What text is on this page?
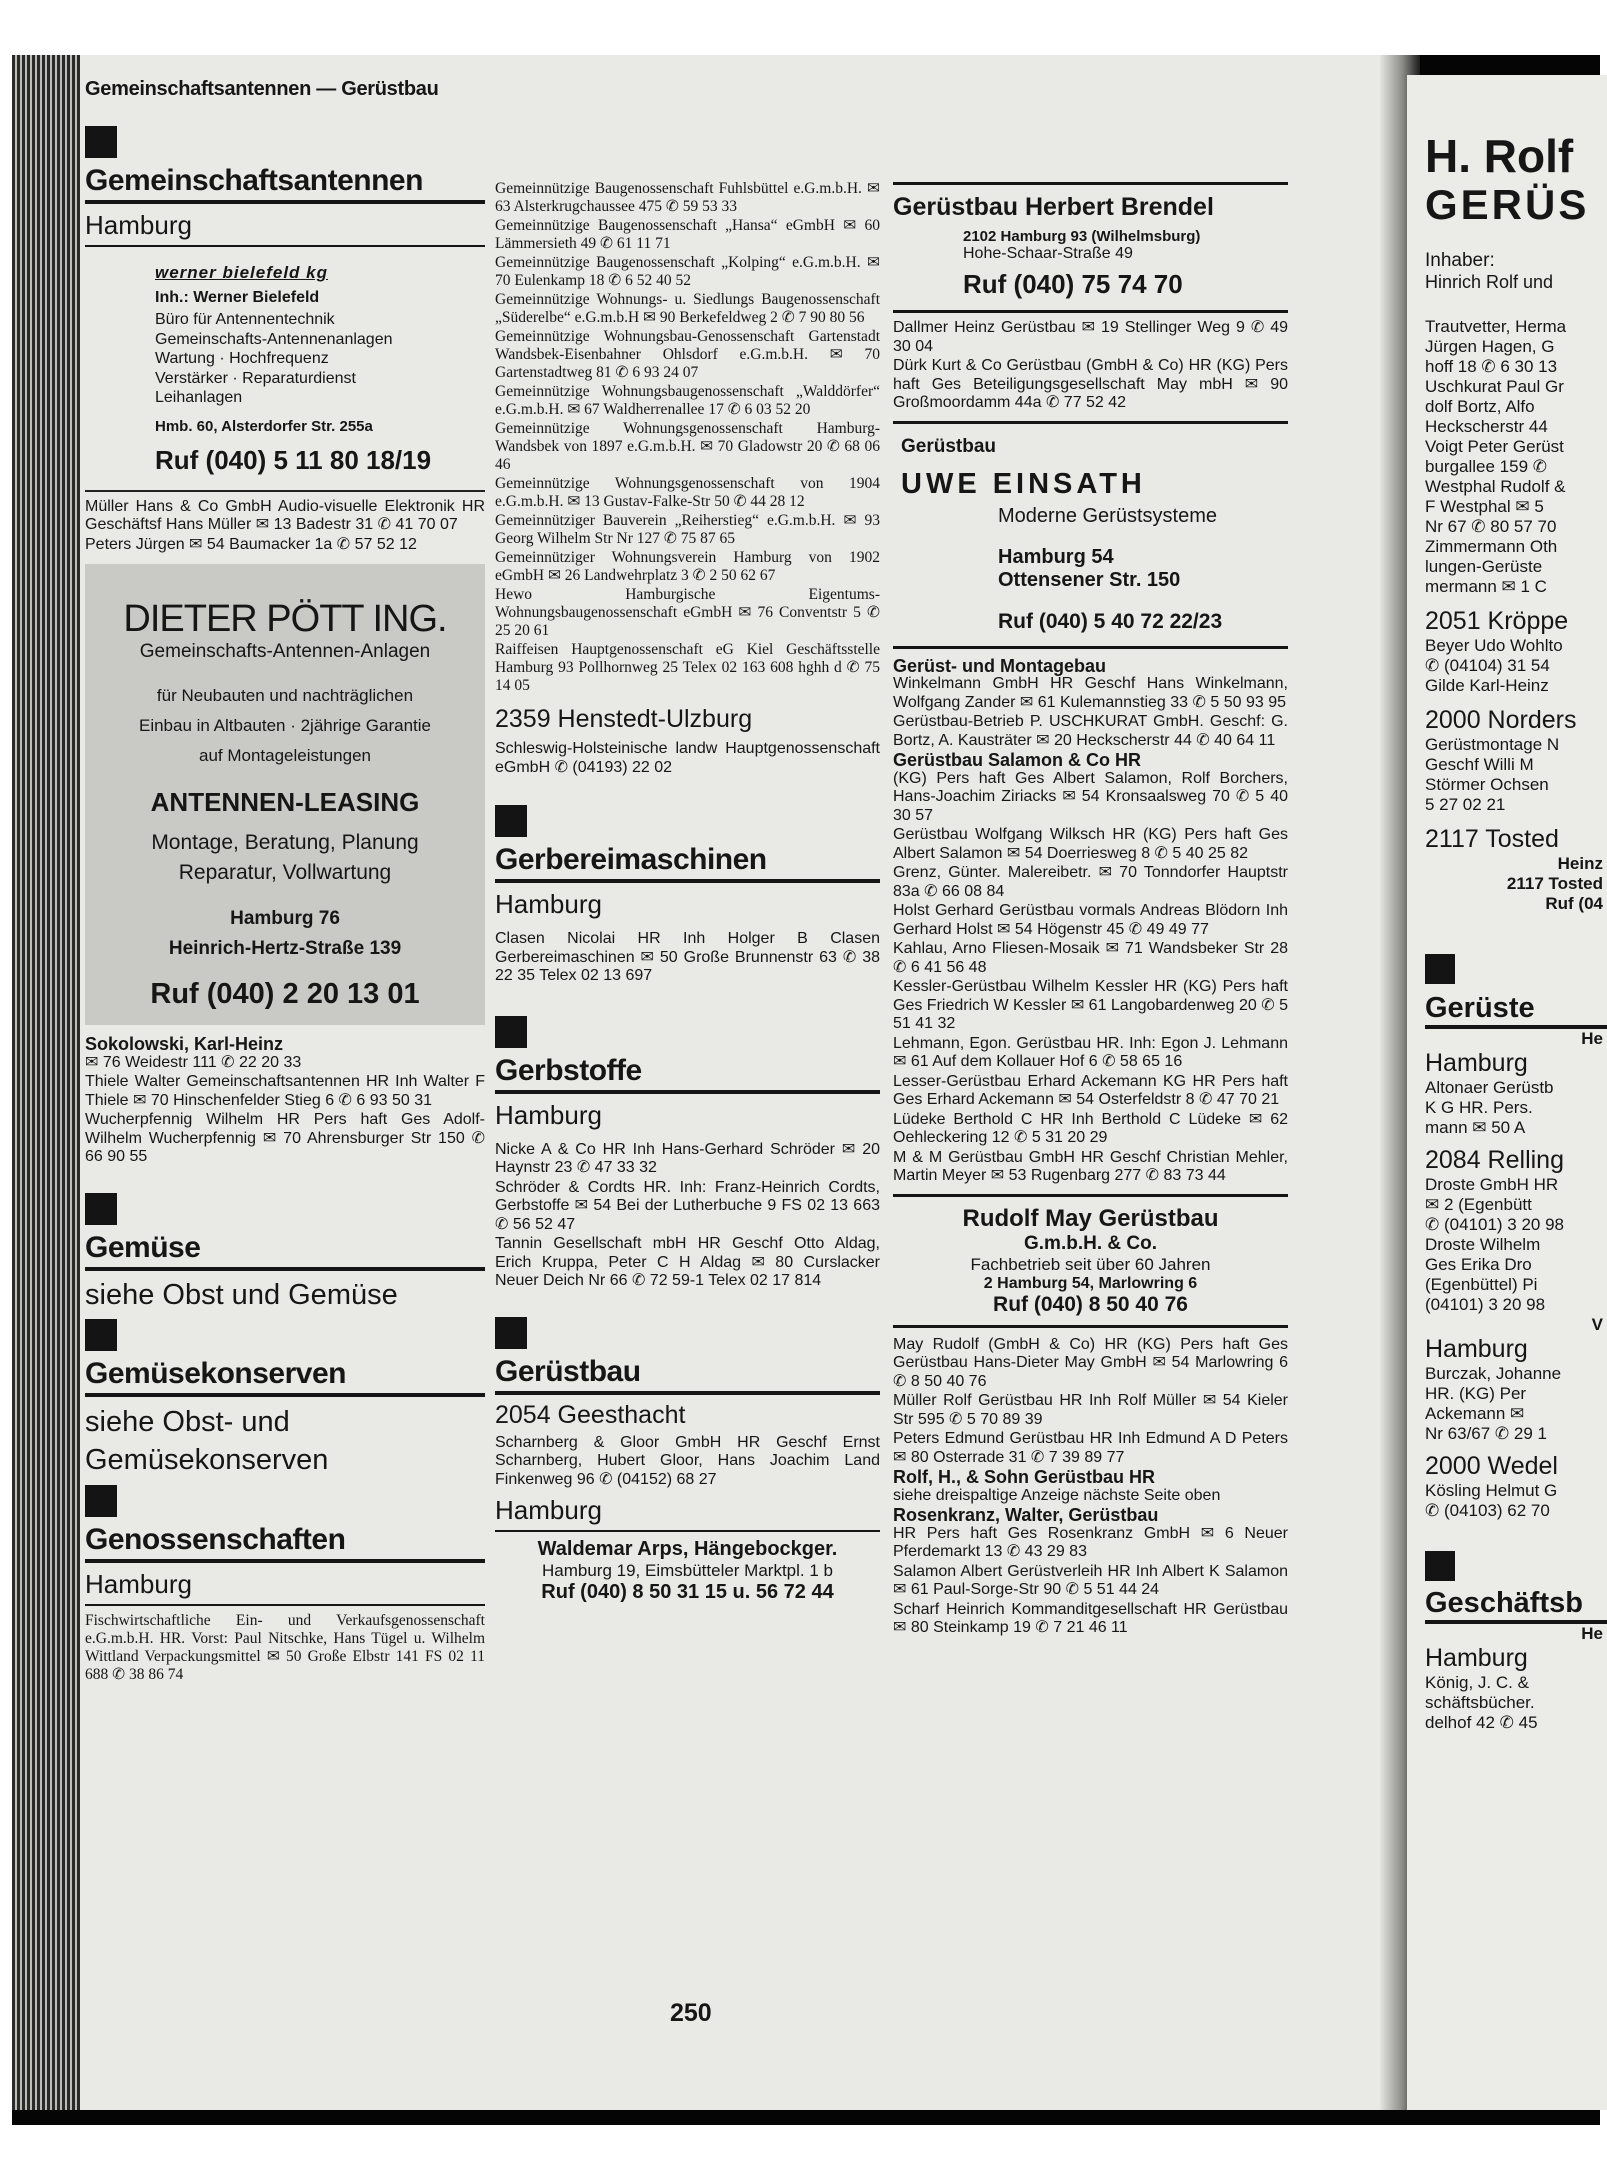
H. Rolf
GERÜS
Inhaber:
Hinrich Rolf und
Trautvetter, Herma
Jürgen Hagen, G
hoff 18 ✆ 6 30 13
Uschkurat Paul Gr
dolf Bortz, Alfo
Heckscherstr 44
Voigt Peter Gerüst
burgallee 159 ✆
Westphal Rudolf &
F Westphal ✉ 5
Nr 67 ✆ 80 57 70
Zimmermann Oth
lungen-Gerüste
mermann ✉ 1 C
2051 Kröppe
Beyer Udo Wohlto
✆ (04104) 31 54
Gilde Karl-Heinz
2000 Norders
Gerüstmontage N
Geschf Willi M
Störmer Ochsen
5 27 02 21
2117 Tosted
Heinz
2117 Tosted
Ruf (04
Gerüste
He
Hamburg
Altonaer Gerüstb
K G HR. Pers.
mann ✉ 50 A
2084 Relling
Droste GmbH HR
✉ 2 (Egenbütt
✆ (04101) 3 20 98
Droste Wilhelm
Ges Erika Dro
(Egenbüttel) Pi
(04101) 3 20 98
V
Hamburg
Burczak, Johanne
HR. (KG) Per
Ackemann ✉
Nr 63/67 ✆ 29 1
2000 Wedel
Kösling Helmut G
✆ (04103) 62 70
Geschäftsb
He
Hamburg
König, J. C. &
schäftsbücher.
delhof 42 ✆ 45
Gemeinschaftsantennen — Gerüstbau
250
Gemeinschaftsantennen
Hamburg
werner bielefeld kg
Inh.: Werner Bielefeld
Büro für Antennentechnik
Gemeinschafts-Antennenanlagen
Wartung · Hochfrequenz
Verstärker · Reparaturdienst
Leihanlagen
Hmb. 60, Alsterdorfer Str. 255a
Ruf (040) 5 11 80 18/19
Müller Hans & Co GmbH Audio-visuelle Elektronik HR Geschäftsf Hans Müller ✉ 13 Badestr 31 ✆ 41 70 07
Peters Jürgen ✉ 54 Baumacker 1a ✆ 57 52 12
DIETER PÖTT ING.
Gemeinschafts-Antennen-Anlagen
für Neubauten und nachträglichen
Einbau in Altbauten · 2jährige Garantie
auf Montageleistungen
ANTENNEN-LEASING
Montage, Beratung, Planung
Reparatur, Vollwartung
Hamburg 76
Heinrich-Hertz-Straße 139
Ruf (040) 2 20 13 01
Sokolowski, Karl-Heinz
✉ 76 Weidestr 111 ✆ 22 20 33
Thiele Walter Gemeinschaftsantennen HR Inh Walter F Thiele ✉ 70 Hinschenfelder Stieg 6 ✆ 6 93 50 31
Wucherpfennig Wilhelm HR Pers haft Ges Adolf-Wilhelm Wucherpfennig ✉ 70 Ahrensburger Str 150 ✆ 66 90 55
Gemüse
siehe Obst und Gemüse
Gemüsekonserven
siehe Obst- und Gemüsekonserven
Genossenschaften
Hamburg
Fischwirtschaftliche Ein- und Verkaufsgenossenschaft e.G.m.b.H. HR. Vorst: Paul Nitschke, Hans Tügel u. Wilhelm Wittland Verpackungsmittel ✉ 50 Große Elbstr 141 FS 02 11 688 ✆ 38 86 74
Gemeinnützige Baugenossenschaft Fuhlsbüttel e.G.m.b.H. ✉ 63 Alsterkrugchaussee 475 ✆ 59 53 33
Gemeinnützige Baugenossenschaft „Hansa“ eGmbH ✉ 60 Lämmersieth 49 ✆ 61 11 71
Gemeinnützige Baugenossenschaft „Kolping“ e.G.m.b.H. ✉ 70 Eulenkamp 18 ✆ 6 52 40 52
Gemeinnützige Wohnungs- u. Siedlungs Baugenossenschaft „Süderelbe“ e.G.m.b.H ✉ 90 Berkefeldweg 2 ✆ 7 90 80 56
Gemeinnützige Wohnungsbau-Genossenschaft Gartenstadt Wandsbek-Eisenbahner Ohlsdorf e.G.m.b.H. ✉ 70 Gartenstadtweg 81 ✆ 6 93 24 07
Gemeinnützige Wohnungsbaugenossenschaft „Walddörfer“ e.G.m.b.H. ✉ 67 Waldherrenallee 17 ✆ 6 03 52 20
Gemeinnützige Wohnungsgenossenschaft Hamburg-Wandsbek von 1897 e.G.m.b.H. ✉ 70 Gladowstr 20 ✆ 68 06 46
Gemeinnützige Wohnungsgenossenschaft von 1904 e.G.m.b.H. ✉ 13 Gustav-Falke-Str 50 ✆ 44 28 12
Gemeinnütziger Bauverein „Reiherstieg“ e.G.m.b.H. ✉ 93 Georg Wilhelm Str Nr 127 ✆ 75 87 65
Gemeinnütziger Wohnungsverein Hamburg von 1902 eGmbH ✉ 26 Landwehrplatz 3 ✆ 2 50 62 67
Hewo Hamburgische Eigentums-Wohnungsbaugenossenschaft eGmbH ✉ 76 Conventstr 5 ✆ 25 20 61
Raiffeisen Hauptgenossenschaft eG Kiel Geschäftsstelle Hamburg 93 Pollhornweg 25 Telex 02 163 608 hghh d ✆ 75 14 05
2359 Henstedt-Ulzburg
Schleswig-Holsteinische landw Hauptgenossenschaft eGmbH ✆ (04193) 22 02
Gerbereimaschinen
Hamburg
Clasen Nicolai HR Inh Holger B Clasen Gerbereimaschinen ✉ 50 Große Brunnenstr 63 ✆ 38 22 35 Telex 02 13 697
Gerbstoffe
Hamburg
Nicke A & Co HR Inh Hans-Gerhard Schröder ✉ 20 Haynstr 23 ✆ 47 33 32
Schröder & Cordts HR. Inh: Franz-Heinrich Cordts, Gerbstoffe ✉ 54 Bei der Lutherbuche 9 FS 02 13 663 ✆ 56 52 47
Tannin Gesellschaft mbH HR Geschf Otto Aldag, Erich Kruppa, Peter C H Aldag ✉ 80 Curslacker Neuer Deich Nr 66 ✆ 72 59-1 Telex 02 17 814
Gerüstbau
2054 Geesthacht
Scharnberg & Gloor GmbH HR Geschf Ernst Scharnberg, Hubert Gloor, Hans Joachim Land Finkenweg 96 ✆ (04152) 68 27
Hamburg
Waldemar Arps, Hängebockger.
Hamburg 19, Eimsbütteler Marktpl. 1 b
Ruf (040) 8 50 31 15 u. 56 72 44
Gerüstbau Herbert Brendel
2102 Hamburg 93 (Wilhelmsburg)
Hohe-Schaar-Straße 49
Ruf (040) 75 74 70
Dallmer Heinz Gerüstbau ✉ 19 Stellinger Weg 9 ✆ 49 30 04
Dürk Kurt & Co Gerüstbau (GmbH & Co) HR (KG) Pers haft Ges Beteiligungsgesellschaft May mbH ✉ 90 Großmoordamm 44a ✆ 77 52 42
Gerüstbau
UWE EINSATH
Moderne Gerüstsysteme
Hamburg 54
Ottensener Str. 150
Ruf (040) 5 40 72 22/23
Gerüst- und Montagebau
Winkelmann GmbH HR Geschf Hans Winkelmann, Wolfgang Zander ✉ 61 Kulemannstieg 33 ✆ 5 50 93 95
Gerüstbau-Betrieb P. USCHKURAT GmbH. Geschf: G. Bortz, A. Kausträter ✉ 20 Heckscherstr 44 ✆ 40 64 11
Gerüstbau Salamon & Co HR
(KG) Pers haft Ges Albert Salamon, Rolf Borchers, Hans-Joachim Ziriacks ✉ 54 Kronsaalsweg 70 ✆ 5 40 30 57
Gerüstbau Wolfgang Wilksch HR (KG) Pers haft Ges Albert Salamon ✉ 54 Doerriesweg 8 ✆ 5 40 25 82
Grenz, Günter. Malereibetr. ✉ 70 Tonndorfer Hauptstr 83a ✆ 66 08 84
Holst Gerhard Gerüstbau vormals Andreas Blödorn Inh Gerhard Holst ✉ 54 Högenstr 45 ✆ 49 49 77
Kahlau, Arno Fliesen-Mosaik ✉ 71 Wandsbeker Str 28 ✆ 6 41 56 48
Kessler-Gerüstbau Wilhelm Kessler HR (KG) Pers haft Ges Friedrich W Kessler ✉ 61 Langobardenweg 20 ✆ 5 51 41 32
Lehmann, Egon. Gerüstbau HR. Inh: Egon J. Lehmann ✉ 61 Auf dem Kollauer Hof 6 ✆ 58 65 16
Lesser-Gerüstbau Erhard Ackemann KG HR Pers haft Ges Erhard Ackemann ✉ 54 Osterfeldstr 8 ✆ 47 70 21
Lüdeke Berthold C HR Inh Berthold C Lüdeke ✉ 62 Oehleckering 12 ✆ 5 31 20 29
M & M Gerüstbau GmbH HR Geschf Christian Mehler, Martin Meyer ✉ 53 Rugenbarg 277 ✆ 83 73 44
Rudolf May Gerüstbau
G.m.b.H. & Co.
Fachbetrieb seit über 60 Jahren
2 Hamburg 54, Marlowring 6
Ruf (040) 8 50 40 76
May Rudolf (GmbH & Co) HR (KG) Pers haft Ges Gerüstbau Hans-Dieter May GmbH ✉ 54 Marlowring 6 ✆ 8 50 40 76
Müller Rolf Gerüstbau HR Inh Rolf Müller ✉ 54 Kieler Str 595 ✆ 5 70 89 39
Peters Edmund Gerüstbau HR Inh Edmund A D Peters ✉ 80 Osterrade 31 ✆ 7 39 89 77
Rolf, H., & Sohn Gerüstbau HR
siehe dreispaltige Anzeige nächste Seite oben
Rosenkranz, Walter, Gerüstbau
HR Pers haft Ges Rosenkranz GmbH ✉ 6 Neuer Pferdemarkt 13 ✆ 43 29 83
Salamon Albert Gerüstverleih HR Inh Albert K Salamon ✉ 61 Paul-Sorge-Str 90 ✆ 5 51 44 24
Scharf Heinrich Kommanditgesellschaft HR Gerüstbau ✉ 80 Steinkamp 19 ✆ 7 21 46 11
